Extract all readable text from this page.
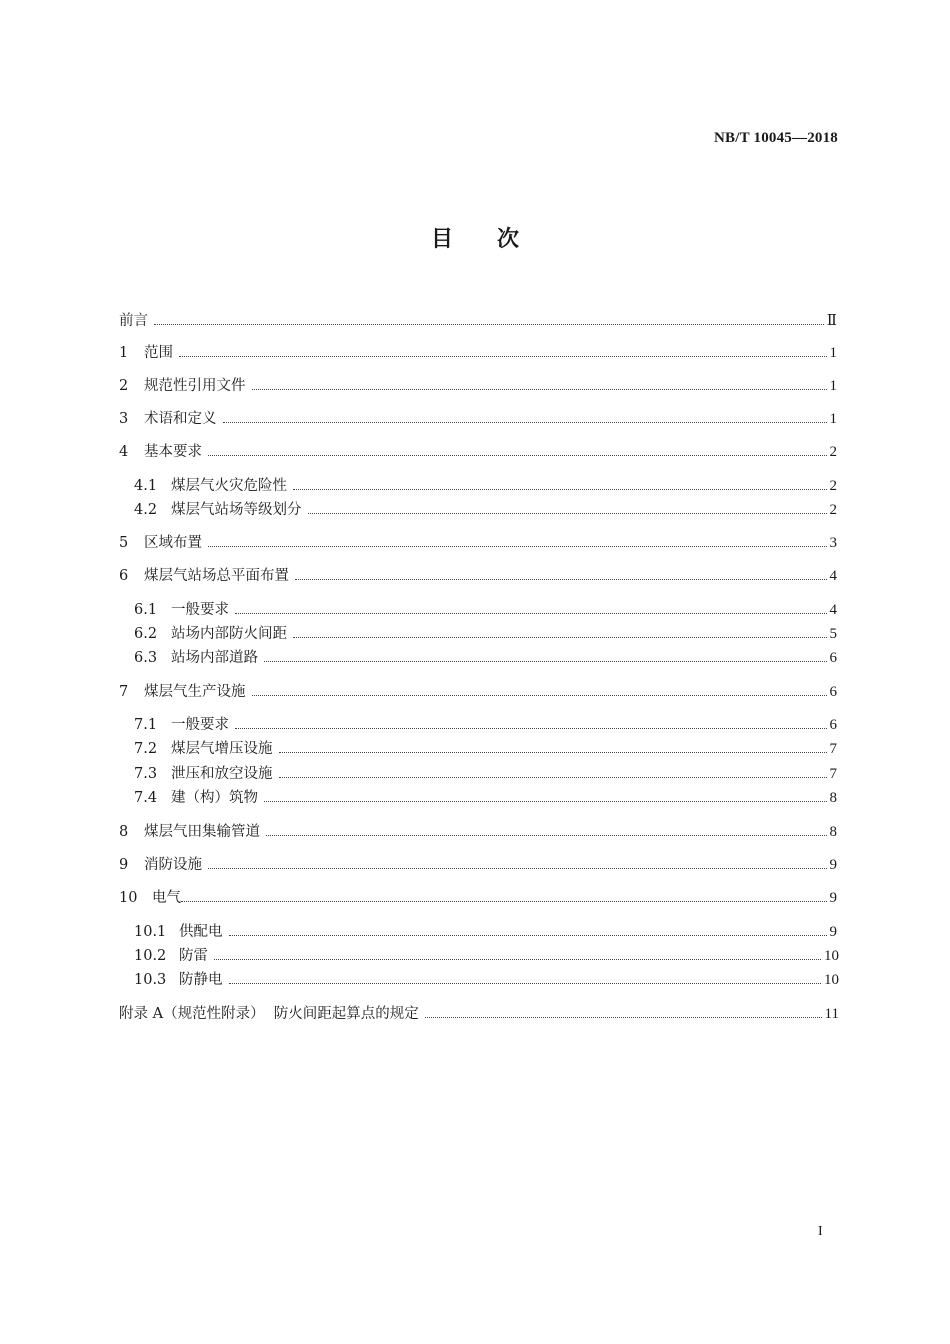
NB/T 10045—2018
目次
前言	Ⅱ
1 范围	1
2 规范性引用文件	1
3 术语和定义	1
4 基本要求	2
4.1 煤层气火灾危险性	2
4.2 煤层气站场等级划分	2
5 区域布置	3
6 煤层气站场总平面布置	4
6.1 一般要求	4
6.2 站场内部防火间距	5
6.3 站场内部道路	6
7 煤层气生产设施	6
7.1 一般要求	6
7.2 煤层气增压设施	7
7.3 泄压和放空设施	7
7.4 建（构）筑物	8
8 煤层气田集输管道	8
9 消防设施	9
10 电气	9
10.1 供配电	9
10.2 防雷	10
10.3 防静电	10
附录 A（规范性附录）  防火间距起算点的规定	11
I
